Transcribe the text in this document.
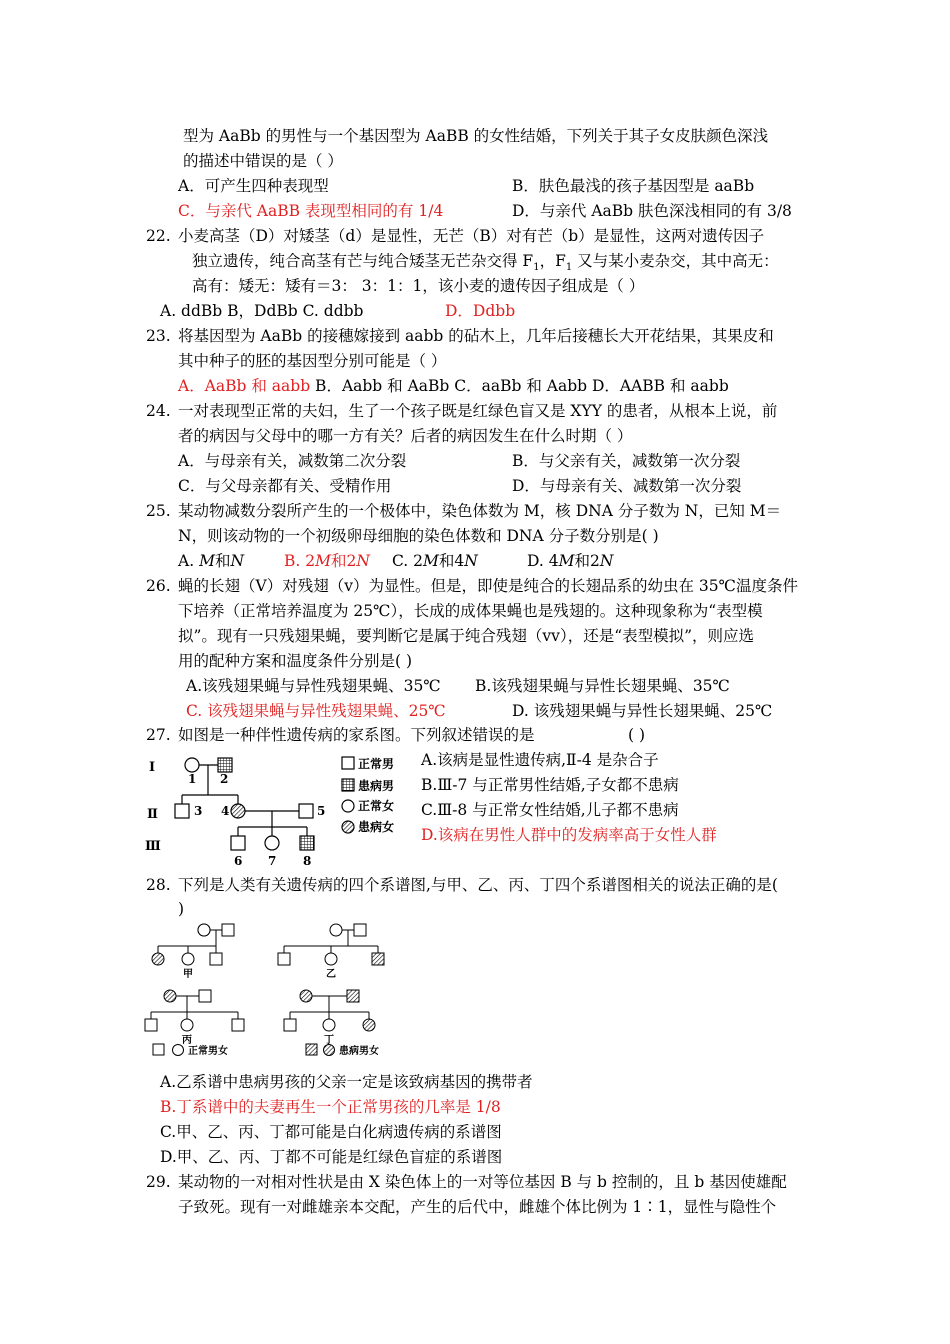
型为 AaBb 的男性与一个基因型为 AaBB 的女性结婚，下列关于其子女皮肤颜色深浅
的描述中错误的是（ ）
A．可产生四种表现型	B．肤色最浅的孩子基因型是 aaBb
C．与亲代 AaBB 表现型相同的有 1/4	D．与亲代 AaBb 肤色深浅相同的有 3/8
22. 小麦高茎（D）对矮茎（d）是显性，无芒（B）对有芒（b）是显性，这两对遗传因子
独立遗传，纯合高茎有芒与纯合矮茎无芒杂交得 $F_1$，$F_1$ 又与某小麦杂交，其中高无：
高有：矮无：矮有＝3： 3：1：1，该小麦的遗传因子组成是（ ）
A. ddBb B，DdBb C. ddbb	D．Ddbb
23. 将基因型为 AaBb 的接穗嫁接到 aabb 的砧木上，几年后接穗长大开花结果，其果皮和
其中种子的胚的基因型分别可能是（ ）
A．AaBb 和 aabb B．Aabb 和 AaBb C．aaBb 和 Aabb D．AABB 和 aabb
24. 一对表现型正常的夫妇，生了一个孩子既是红绿色盲又是 XYY 的患者，从根本上说，前
者的病因与父母中的哪一方有关？后者的病因发生在什么时期（ ）
A．与母亲有关，减数第二次分裂	B．与父亲有关，减数第一次分裂
C．与父母亲都有关、受精作用	D．与母亲有关、减数第一次分裂
25. 某动物减数分裂所产生的一个极体中，染色体数为 M，核 DNA 分子数为 N，已知 M＝
N，则该动物的一个初级卵母细胞的染色体数和 DNA 分子数分别是( )
A. M和N	B. 2M和2N C. 2M和4N	D. 4M和2N
26. 蝇的长翅（V）对残翅（v）为显性。但是，即使是纯合的长翅品系的幼虫在 35℃温度条件
下培养（正常培养温度为 25℃），长成的成体果蝇也是残翅的。这种现象称为“表型模
拟”。现有一只残翅果蝇，要判断它是属于纯合残翅（vv），还是“表型模拟”，则应选
用的配种方案和温度条件分别是( )
A.该残翅果蝇与异性残翅果蝇、35℃ B.该残翅果蝇与异性长翅果蝇、35℃
C. 该残翅果蝇与异性残翅果蝇、25℃	D. 该残翅果蝇与异性长翅果蝇、25℃
27. 如图是一种伴性遗传病的家系图。下列叙述错误的是	( )
Ⅰ
Ⅱ
Ⅲ
1 2
3 4	5
6 7 8
正常男
患病男
正常女
患病女
A.该病是显性遗传病,Ⅱ-4 是杂合子
B.Ⅲ-7 与正常男性结婚,子女都不患病
C.Ⅲ-8 与正常女性结婚,儿子都不患病
D.该病在男性人群中的发病率高于女性人群
28. 下列是人类有关遗传病的四个系谱图,与甲、乙、丙、丁四个系谱图相关的说法正确的是(
)
甲	乙
丙	丁
正常男女	患病男女
A.乙系谱中患病男孩的父亲一定是该致病基因的携带者
B.丁系谱中的夫妻再生一个正常男孩的几率是 1/8
C.甲、乙、丙、丁都可能是白化病遗传病的系谱图
D.甲、乙、丙、丁都不可能是红绿色盲症的系谱图
29. 某动物的一对相对性状是由 X 染色体上的一对等位基因 B 与 b 控制的，且 b 基因使雄配
子致死。现有一对雌雄亲本交配，产生的后代中，雌雄个体比例为 1∶1，显性与隐性个
